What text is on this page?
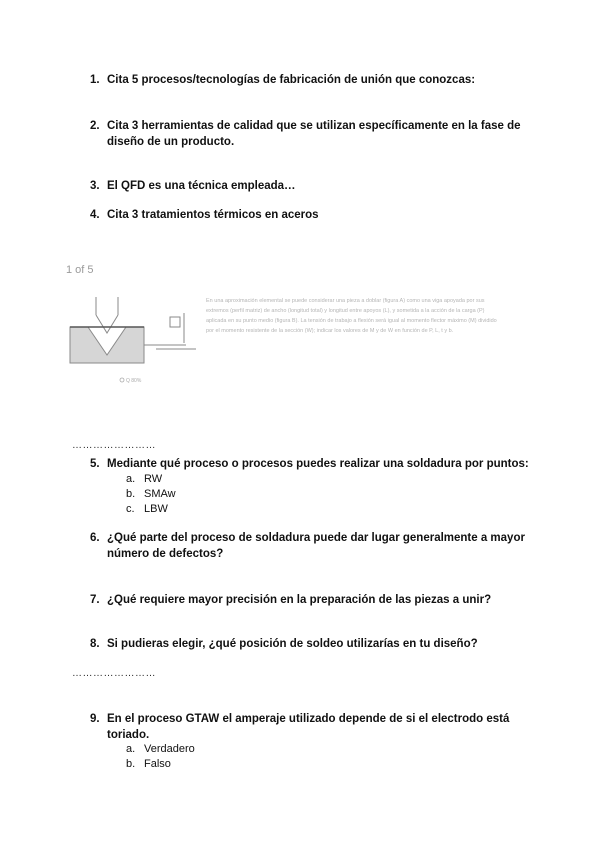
1. Cita 5 procesos/tecnologías de fabricación de unión que conozcas:
2. Cita 3 herramientas de calidad que se utilizan específicamente en la fase de diseño de un producto.
3. El QFD es una técnica empleada…
4. Cita 3 tratamientos térmicos en aceros
1 of 5
Q 80%
En una aproximación elemental se puede considerar una pieza a doblar (figura A) como una viga apoyada por sus extremos (perfil matriz) de ancho (longitud total) y longitud entre apoyos (L), y sometida a la acción de la carga (P) aplicada en su punto medio (figura B). La tensión de trabajo a flexión será igual al momento flector máximo (M) dividido por el momento resistente de la sección (W); indicar los valores de M y de W en función de P, L, t y b.
……………………
5. Mediante qué proceso o procesos puedes realizar una soldadura por puntos:
a. RW
b. SMAw
c. LBW
6. ¿Qué parte del proceso de soldadura puede dar lugar generalmente a mayor número de defectos?
7. ¿Qué requiere mayor precisión en la preparación de las piezas a unir?
8. Si pudieras elegir, ¿qué posición de soldeo utilizarías en tu diseño?
……………………
9. En el proceso GTAW el amperaje utilizado depende de si el electrodo está toriado.
a. Verdadero
b. Falso
